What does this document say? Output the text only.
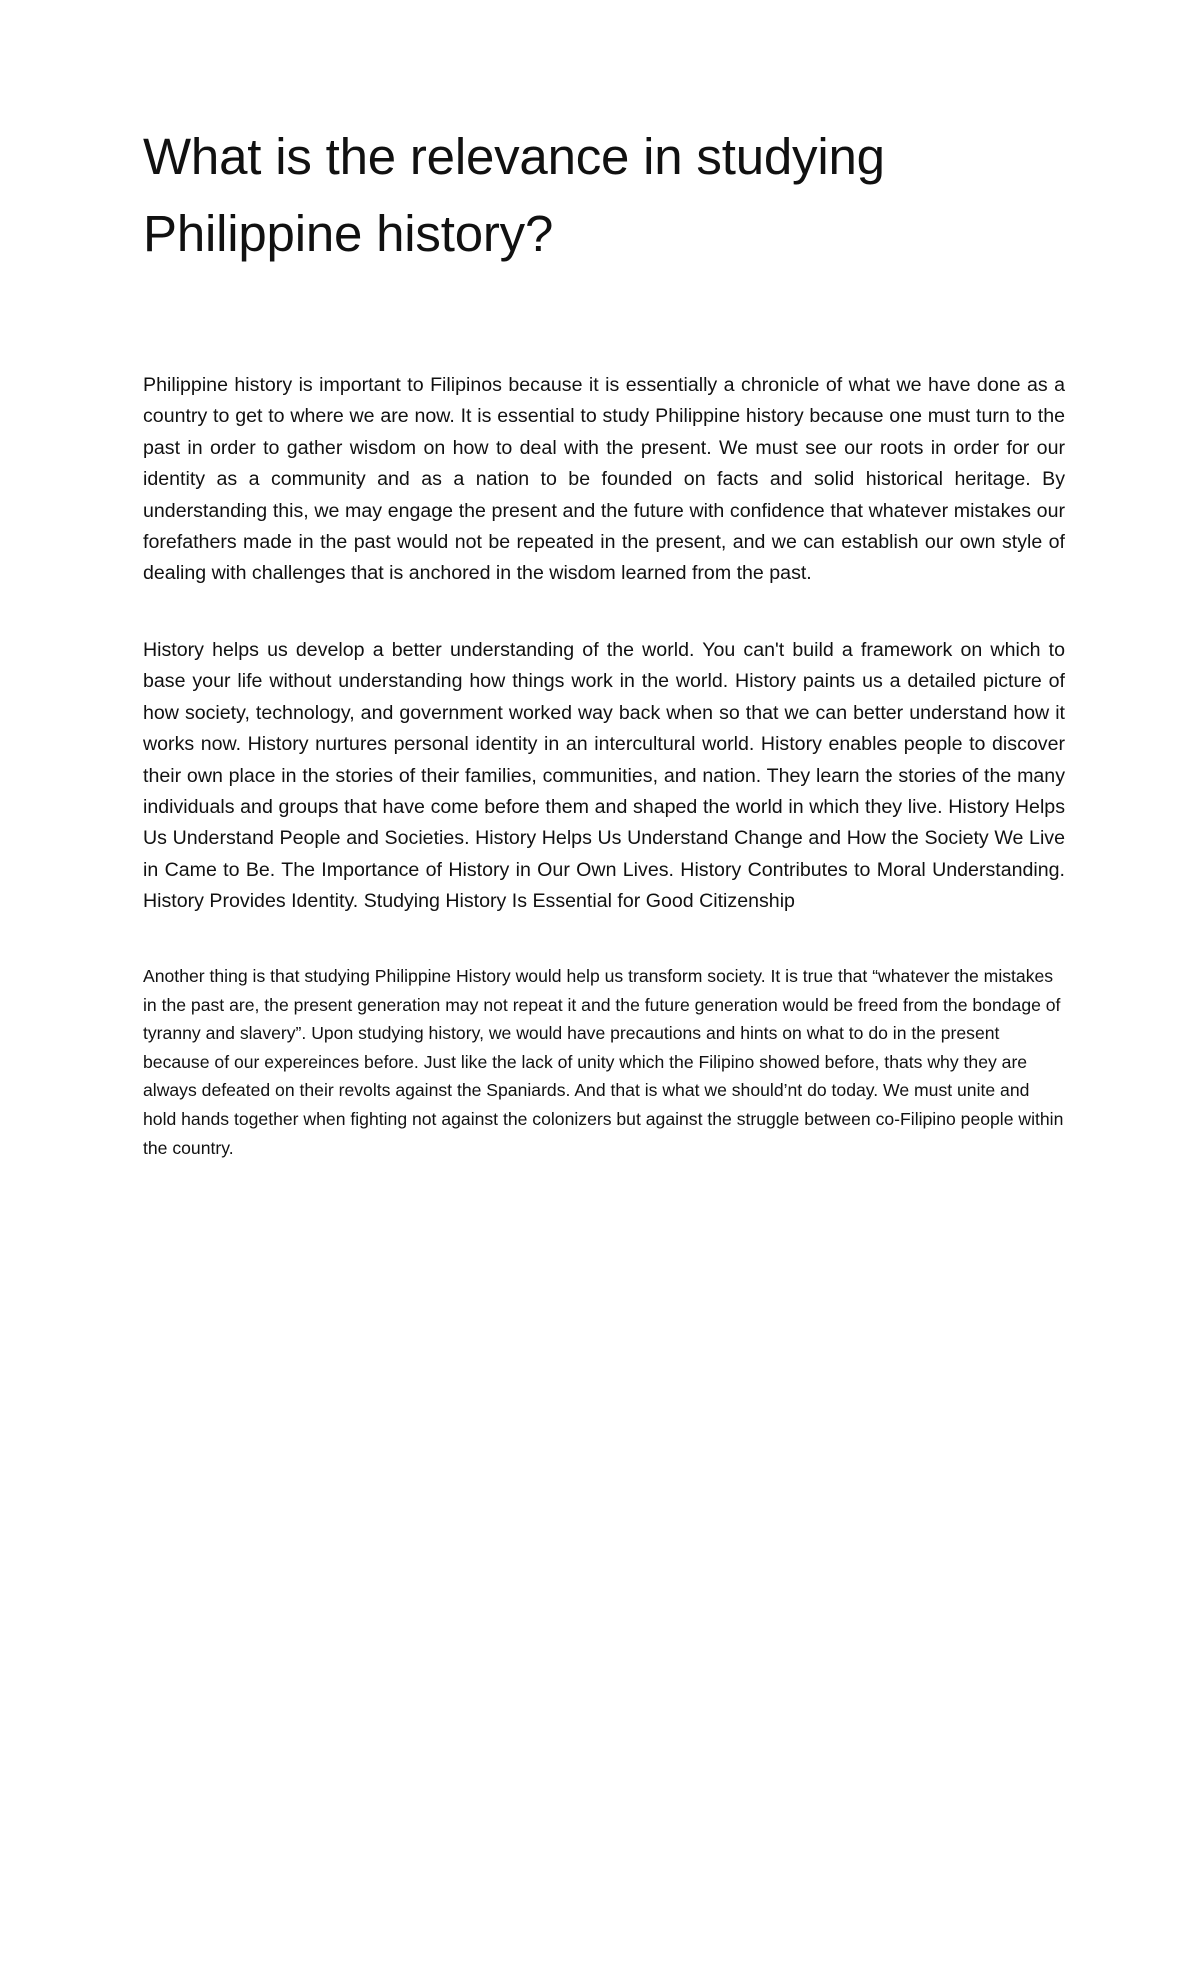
What is the relevance in studying Philippine history?

Philippine history is important to Filipinos because it is essentially a chronicle of what we have done as a country to get to where we are now. It is essential to study Philippine history because one must turn to the past in order to gather wisdom on how to deal with the present. We must see our roots in order for our identity as a community and as a nation to be founded on facts and solid historical heritage. By understanding this, we may engage the present and the future with confidence that whatever mistakes our forefathers made in the past would not be repeated in the present, and we can establish our own style of dealing with challenges that is anchored in the wisdom learned from the past.

History helps us develop a better understanding of the world. You can't build a framework on which to base your life without understanding how things work in the world. History paints us a detailed picture of how society, technology, and government worked way back when so that we can better understand how it works now. History nurtures personal identity in an intercultural world. History enables people to discover their own place in the stories of their families, communities, and nation. They learn the stories of the many individuals and groups that have come before them and shaped the world in which they live. History Helps Us Understand People and Societies. History Helps Us Understand Change and How the Society We Live in Came to Be. The Importance of History in Our Own Lives. History Contributes to Moral Understanding. History Provides Identity. Studying History Is Essential for Good Citizenship

Another thing is that studying Philippine History would help us transform society. It is true that “whatever the mistakes in the past are, the present generation may not repeat it and the future generation would be freed from the bondage of tyranny and slavery”. Upon studying history, we would have precautions and hints on what to do in the present because of our expereinces before. Just like the lack of unity which the Filipino showed before, thats why they are always defeated on their revolts against the Spaniards. And that is what we should’nt do today. We must unite and hold hands together when fighting not against the colonizers but against the struggle between co-Filipino people within the country.
